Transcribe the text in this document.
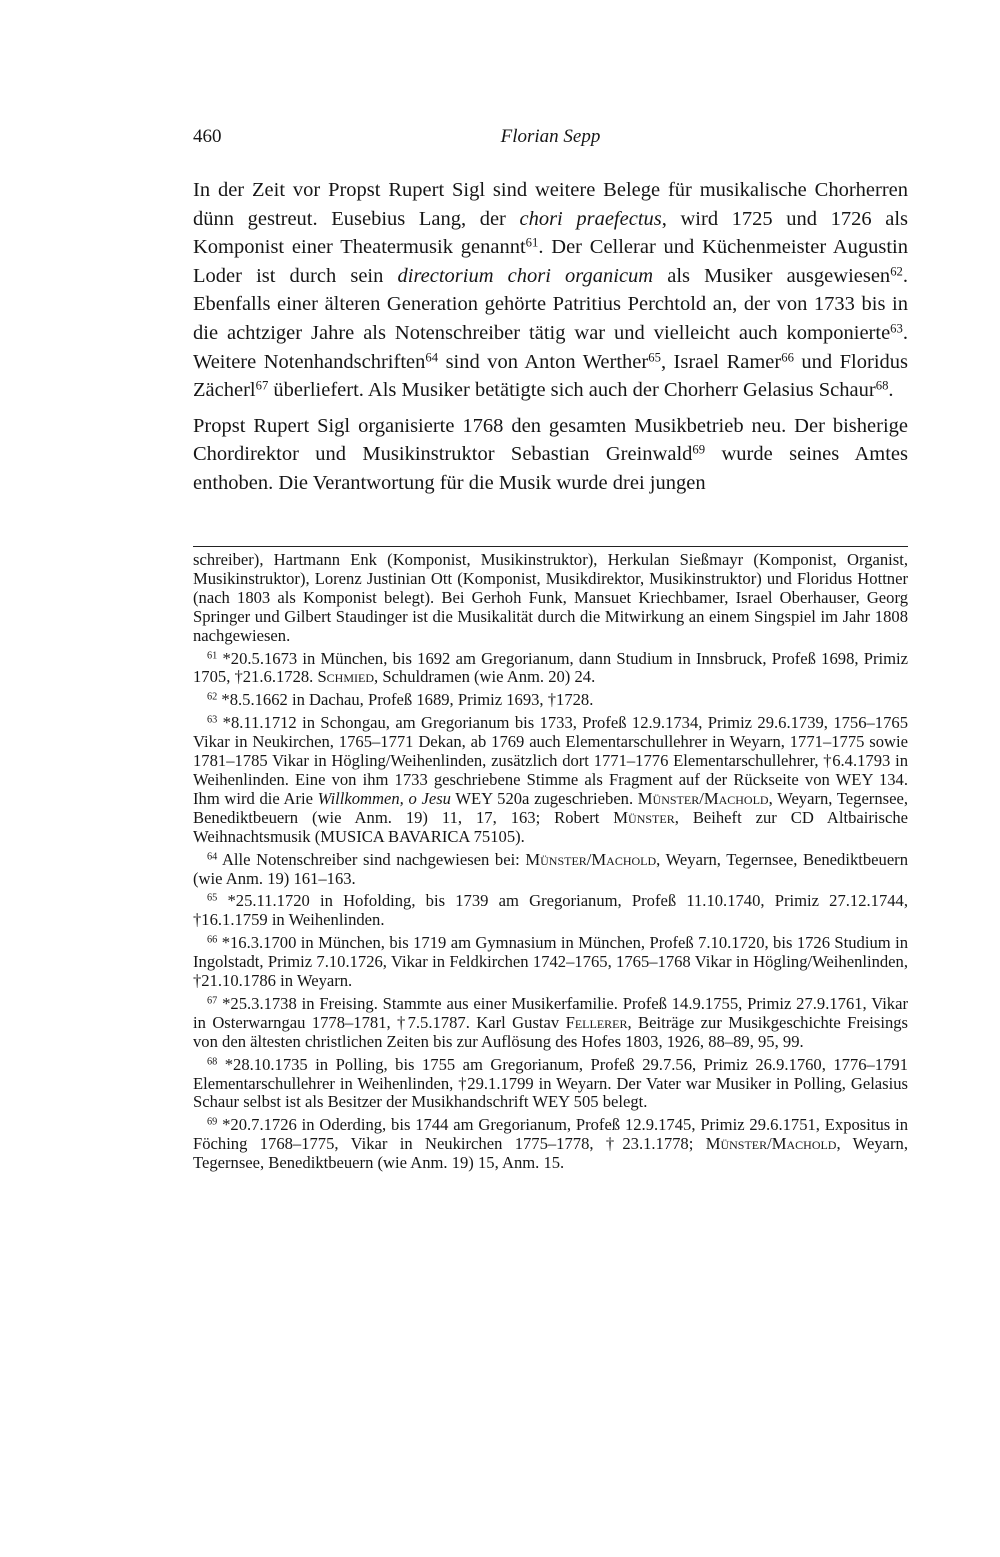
460	Florian Sepp

In der Zeit vor Propst Rupert Sigl sind weitere Belege für musikalische Chorherren dünn gestreut. Eusebius Lang, der chori praefectus, wird 1725 und 1726 als Komponist einer Theatermusik genannt$^{61}$. Der Cellerar und Küchenmeister Augustin Loder ist durch sein directorium chori organicum als Musiker ausgewiesen$^{62}$. Ebenfalls einer älteren Generation gehörte Patritius Perchtold an, der von 1733 bis in die achtziger Jahre als Notenschreiber tätig war und vielleicht auch komponierte$^{63}$. Weitere Notenhandschriften$^{64}$ sind von Anton Werther$^{65}$, Israel Ramer$^{66}$ und Floridus Zächerl$^{67}$ überliefert. Als Musiker betätigte sich auch der Chorherr Gelasius Schaur$^{68}$.

Propst Rupert Sigl organisierte 1768 den gesamten Musikbetrieb neu. Der bisherige Chordirektor und Musikinstruktor Sebastian Greinwald$^{69}$ wurde seines Amtes enthoben. Die Verantwortung für die Musik wurde drei jungen

schreiber), Hartmann Enk (Komponist, Musikinstruktor), Herkulan Sießmayr (Komponist, Organist, Musikinstruktor), Lorenz Justinian Ott (Komponist, Musikdirektor, Musikinstruktor) und Floridus Hottner (nach 1803 als Komponist belegt). Bei Gerhoh Funk, Mansuet Kriechbamer, Israel Oberhauser, Georg Springer und Gilbert Staudinger ist die Musikalität durch die Mitwirkung an einem Singspiel im Jahr 1808 nachgewiesen.

$^{61}$ *20.5.1673 in München, bis 1692 am Gregorianum, dann Studium in Innsbruck, Profeß 1698, Primiz 1705, †21.6.1728. Schmied, Schuldramen (wie Anm. 20) 24.

$^{62}$ *8.5.1662 in Dachau, Profeß 1689, Primiz 1693, †1728.

$^{63}$ *8.11.1712 in Schongau, am Gregorianum bis 1733, Profeß 12.9.1734, Primiz 29.6.1739, 1756–1765 Vikar in Neukirchen, 1765–1771 Dekan, ab 1769 auch Elementarschullehrer in Weyarn, 1771–1775 sowie 1781–1785 Vikar in Högling/Weihenlinden, zusätzlich dort 1771–1776 Elementarschullehrer, †6.4.1793 in Weihenlinden. Eine von ihm 1733 geschriebene Stimme als Fragment auf der Rückseite von WEY 134. Ihm wird die Arie Willkommen, o Jesu WEY 520a zugeschrieben. Münster/Machold, Weyarn, Tegernsee, Benediktbeuern (wie Anm. 19) 11, 17, 163; Robert Münster, Beiheft zur CD Altbairische Weihnachtsmusik (MUSICA BAVARICA 75105).

$^{64}$ Alle Notenschreiber sind nachgewiesen bei: Münster/Machold, Weyarn, Tegernsee, Benediktbeuern (wie Anm. 19) 161–163.

$^{65}$ *25.11.1720 in Hofolding, bis 1739 am Gregorianum, Profeß 11.10.1740, Primiz 27.12.1744, †16.1.1759 in Weihenlinden.

$^{66}$ *16.3.1700 in München, bis 1719 am Gymnasium in München, Profeß 7.10.1720, bis 1726 Studium in Ingolstadt, Primiz 7.10.1726, Vikar in Feldkirchen 1742–1765, 1765–1768 Vikar in Högling/Weihenlinden, †21.10.1786 in Weyarn.

$^{67}$ *25.3.1738 in Freising. Stammte aus einer Musikerfamilie. Profeß 14.9.1755, Primiz 27.9.1761, Vikar in Osterwarngau 1778–1781, †7.5.1787. Karl Gustav Fellerer, Beiträge zur Musikgeschichte Freisings von den ältesten christlichen Zeiten bis zur Auflösung des Hofes 1803, 1926, 88–89, 95, 99.

$^{68}$ *28.10.1735 in Polling, bis 1755 am Gregorianum, Profeß 29.7.56, Primiz 26.9.1760, 1776–1791 Elementarschullehrer in Weihenlinden, †29.1.1799 in Weyarn. Der Vater war Musiker in Polling, Gelasius Schaur selbst ist als Besitzer der Musikhandschrift WEY 505 belegt.

$^{69}$ *20.7.1726 in Oderding, bis 1744 am Gregorianum, Profeß 12.9.1745, Primiz 29.6.1751, Expositus in Föching 1768–1775, Vikar in Neukirchen 1775–1778, †23.1.1778; Münster/Machold, Weyarn, Tegernsee, Benediktbeuern (wie Anm. 19) 15, Anm. 15.
